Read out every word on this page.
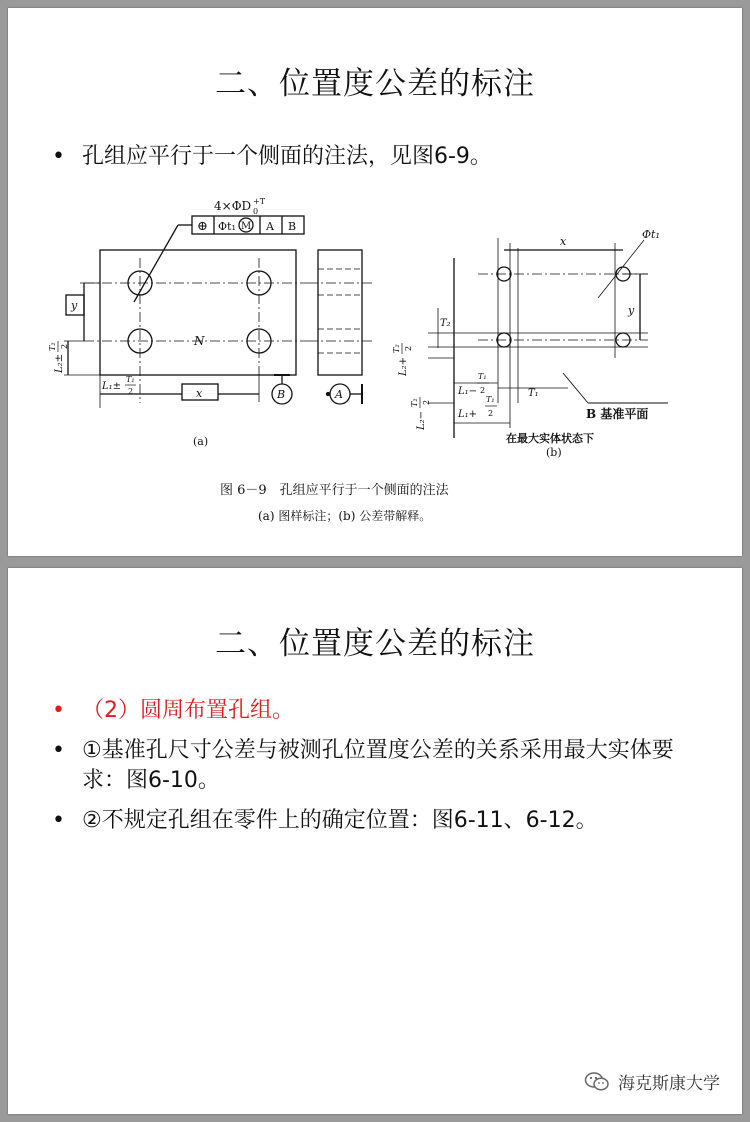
二、位置度公差的标注
• 孔组应平行于一个侧面的注法，见图6-9。
4×ΦD +T
0
⊕ Φt₁ M A B
N
y
L₂±
T₂ 2
L₁±
T₁
2	x	B	A
(a)
x
Φt₁
y
T₂
L₂+
T₂ 2
L₂−
T₂ 2
L₁−
T₁
2	T₁
L₁+
T₁
2	B 基准平面
在最大实体状态下
(b)
图 6－9　孔组应平行于一个侧面的注法
(a) 图样标注；(b) 公差带解释。
二、位置度公差的标注
• （2）圆周布置孔组。
• ①基准孔尺寸公差与被测孔位置度公差的关系采用最大实体要求：图6-10。
• ②不规定孔组在零件上的确定位置：图6-11、6-12。
海克斯康大学
